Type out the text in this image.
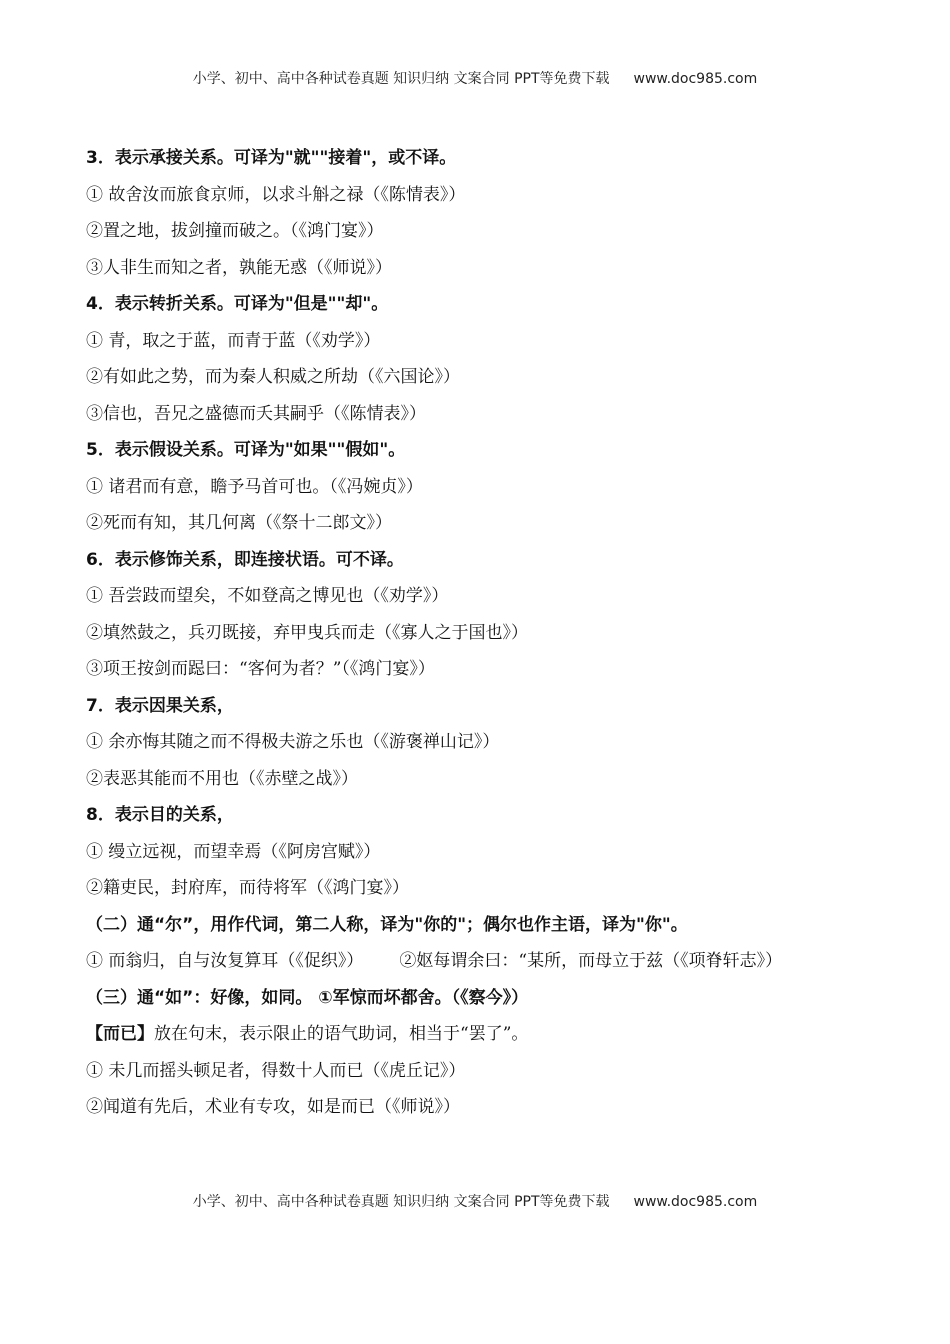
小学、初中、高中各种试卷真题 知识归纳 文案合同 PPT等免费下载 www.doc985.com
3．表示承接关系。可译为"就""接着"，或不译。
① 故舍汝而旅食京师，以求斗斛之禄（《陈情表》）
②置之地，拔剑撞而破之。（《鸿门宴》）
③人非生而知之者，孰能无惑（《师说》）
4．表示转折关系。可译为"但是""却"。
① 青，取之于蓝，而青于蓝（《劝学》）
②有如此之势，而为秦人积威之所劫（《六国论》）
③信也，吾兄之盛德而夭其嗣乎（《陈情表》）
5．表示假设关系。可译为"如果""假如"。
① 诸君而有意，瞻予马首可也。（《冯婉贞》）
②死而有知，其几何离（《祭十二郎文》）
6．表示修饰关系，即连接状语。可不译。
① 吾尝跂而望矣，不如登高之博见也（《劝学》）
②填然鼓之，兵刃既接，弃甲曳兵而走（《寡人之于国也》）
③项王按剑而跽曰：“客何为者？”（《鸿门宴》）
7．表示因果关系，
① 余亦悔其随之而不得极夫游之乐也（《游褒禅山记》）
②表恶其能而不用也（《赤壁之战》）
8．表示目的关系，
① 缦立远视，而望幸焉（《阿房宫赋》）
②籍吏民，封府库，而待将军（《鸿门宴》）
（二）通“尔”，用作代词，第二人称，译为"你的"；偶尔也作主语，译为"你"。
① 而翁归，自与汝复算耳（《促织》） ②妪每谓余曰：“某所，而母立于兹（《项脊轩志》）
（三）通“如”：好像，如同。 ①军惊而坏都舍。（《察今》）
【而已】放在句末，表示限止的语气助词，相当于“罢了”。
① 未几而摇头顿足者，得数十人而已（《虎丘记》）
②闻道有先后，术业有专攻，如是而已（《师说》）
小学、初中、高中各种试卷真题 知识归纳 文案合同 PPT等免费下载 www.doc985.com
